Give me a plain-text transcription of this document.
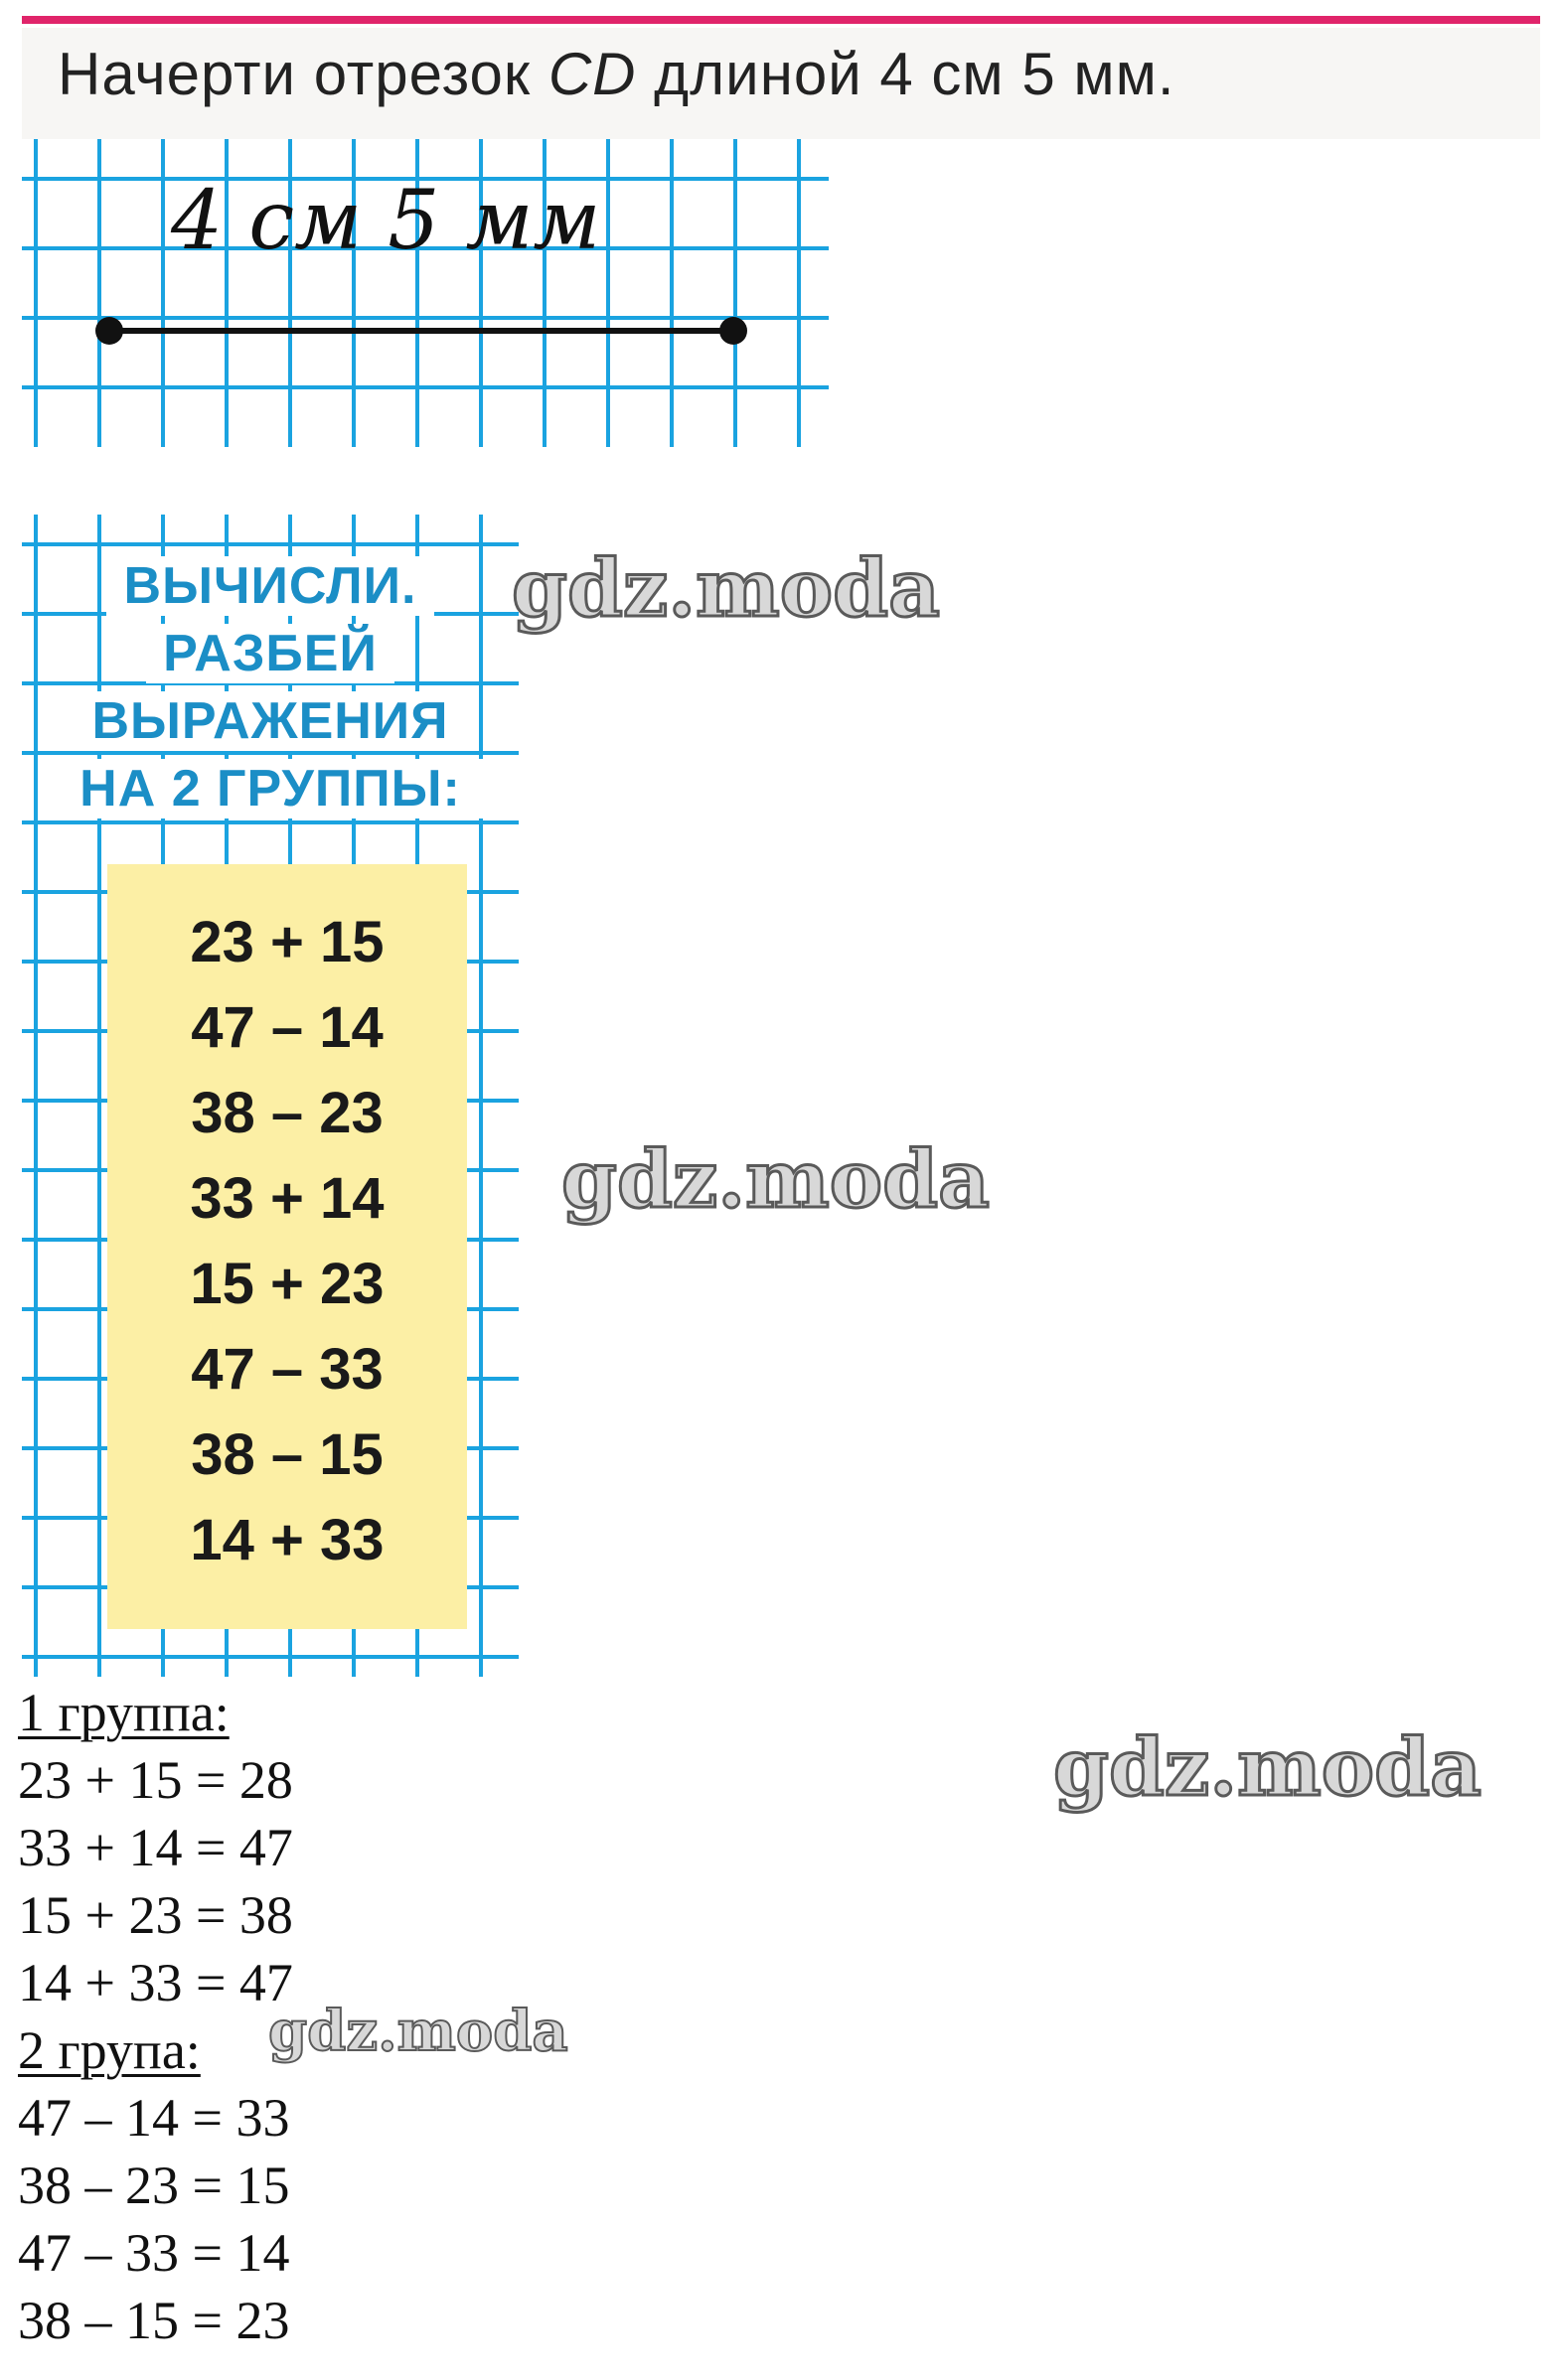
Начерти отрезок CD длиной 4 см 5 мм.
4 см 5 мм
ВЫЧИСЛИ.
РАЗБЕЙ
ВЫРАЖЕНИЯ
НА 2 ГРУППЫ:
23 + 15
47 – 14
38 – 23
33 + 14
15 + 23
47 – 33
38 – 15
14 + 33
gdz.moda
gdz.moda
gdz.moda
gdz.moda
1 группа:
23 + 15 = 28
33 + 14 = 47
15 + 23 = 38
14 + 33 = 47
2 група:
47 – 14 = 33
38 – 23 = 15
47 – 33 = 14
38 – 15 = 23
